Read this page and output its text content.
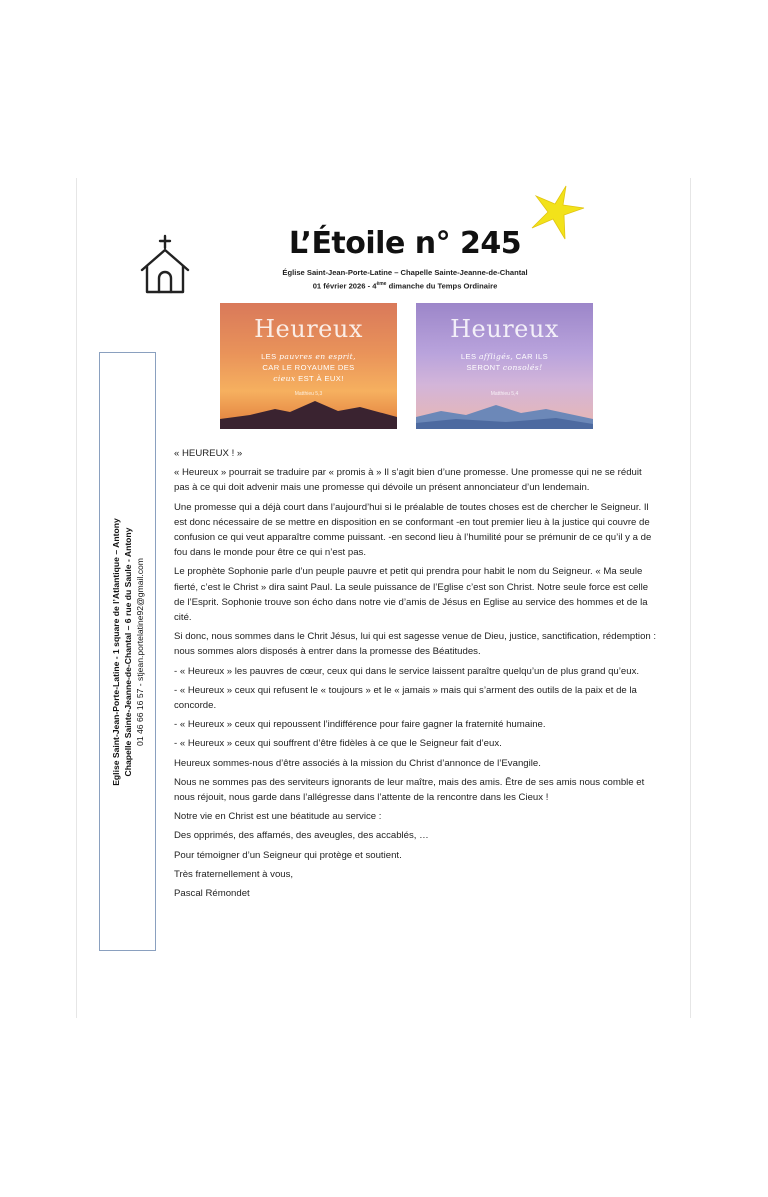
L’Étoile n° 245
Église Saint-Jean-Porte-Latine – Chapelle Sainte-Jeanne-de-Chantal
01 février 2026 - 4ème dimanche du Temps Ordinaire
Heureux
LES pauvres en esprit,
CAR LE ROYAUME DES
cieux EST À EUX!
Matthieu 5,3
Heureux
LES affligés, CAR ILS
SERONT consolés!
Matthieu 5,4
Eglise Saint-Jean-Porte-Latine - 1 square de l’Atlantique – Antony Chapelle Sainte-Jeanne-de-Chantal – 6 rue du Saule - Antony 01 46 66 16 57 - stjean.portelatine92@gmail.com

« HEUREUX ! »

« Heureux » pourrait se traduire par « promis à » Il s’agit bien d’une promesse. Une promesse qui ne se réduit pas à ce qui doit advenir mais une promesse qui dévoile un présent annonciateur d’un lendemain.

Une promesse qui a déjà court dans l’aujourd’hui si le préalable de toutes choses est de chercher le Seigneur. Il est donc nécessaire de se mettre en disposition en se conformant -en tout premier lieu à la justice qui couvre de confusion ce qui veut apparaître comme puissant. -en second lieu à l’humilité pour se prémunir de ce qu’il y a de fou dans le monde pour être ce qui n’est pas.

Le prophète Sophonie parle d’un peuple pauvre et petit qui prendra pour habit le nom du Seigneur. « Ma seule fierté, c’est le Christ » dira saint Paul. La seule puissance de l’Eglise c’est son Christ. Notre seule force est celle de l’Esprit. Sophonie trouve son écho dans notre vie d’amis de Jésus en Eglise au service des hommes et de la cité.

Si donc, nous sommes dans le Chrit Jésus, lui qui est sagesse venue de Dieu, justice, sanctification, rédemption : nous sommes alors disposés à entrer dans la promesse des Béatitudes.

- « Heureux » les pauvres de cœur, ceux qui dans le service laissent paraître quelqu’un de plus grand qu’eux.

- « Heureux » ceux qui refusent le « toujours » et le « jamais » mais qui s’arment des outils de la paix et de la concorde.

- « Heureux » ceux qui repoussent l’indifférence pour faire gagner la fraternité humaine.

- « Heureux » ceux qui souffrent d’être fidèles à ce que le Seigneur fait d’eux.

Heureux sommes-nous d’être associés à la mission du Christ d’annonce de l’Evangile.

Nous ne sommes pas des serviteurs ignorants de leur maître, mais des amis. Être de ses amis nous comble et nous réjouit, nous garde dans l’allégresse dans l’attente de la rencontre dans les Cieux !

Notre vie en Christ est une béatitude au service :

Des opprimés, des affamés, des aveugles, des accablés, …

Pour témoigner d’un Seigneur qui protège et soutient.

Très fraternellement à vous,

Pascal Rémondet
